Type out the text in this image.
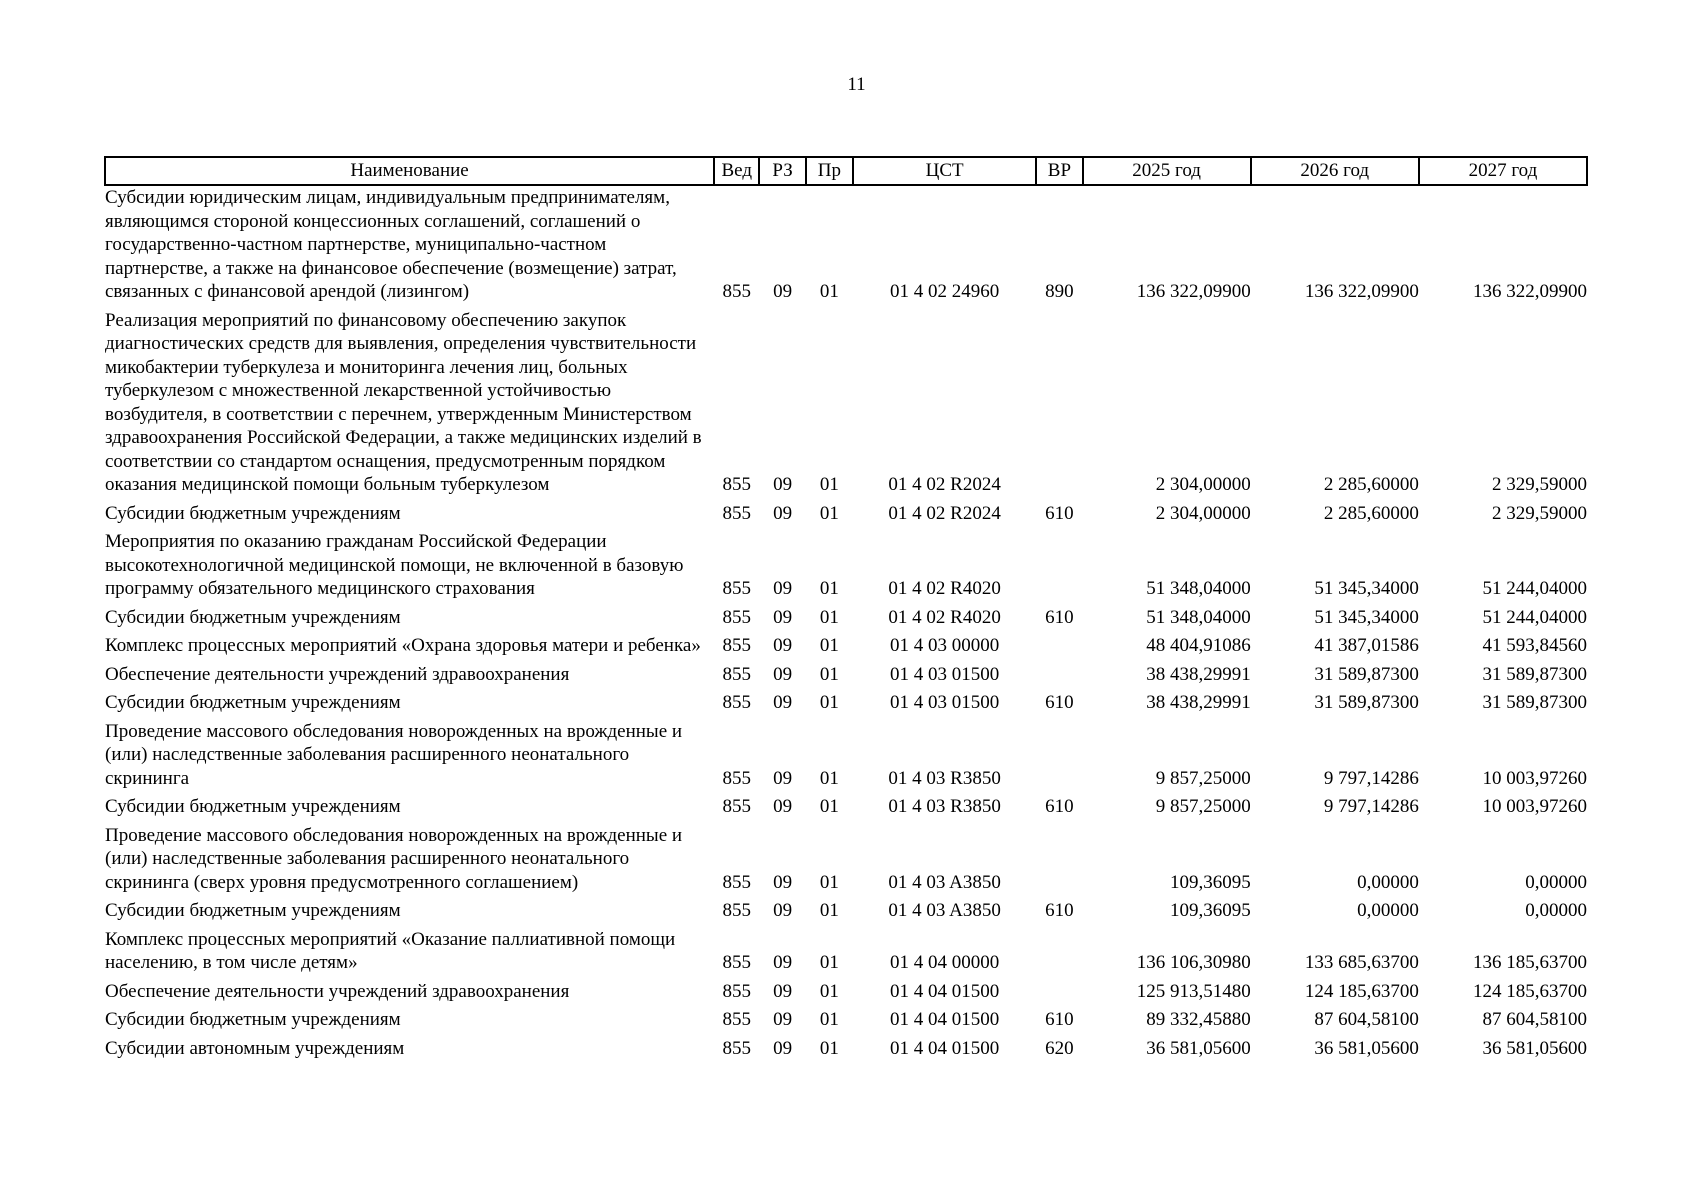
11
Наименование	Вед	РЗ	Пр	ЦСТ	ВР	2025 год	2026 год	2027 год
Субсидии юридическим лицам, индивидуальным предпринимателям, являющимся стороной концессионных соглашений, соглашений о государственно-частном партнерстве, муниципально-частном партнерстве, а также на финансовое обеспечение (возмещение) затрат, связанных с финансовой арендой (лизингом)	855	09	01	01 4 02 24960	890	136 322,09900	136 322,09900	136 322,09900
Реализация мероприятий по финансовому обеспечению закупок диагностических средств для выявления, определения чувствительности микобактерии туберкулеза и мониторинга лечения лиц, больных туберкулезом с множественной лекарственной устойчивостью возбудителя, в соответствии с перечнем, утвержденным Министерством здравоохранения Российской Федерации, а также медицинских изделий в соответствии со стандартом оснащения, предусмотренным порядком оказания медицинской помощи больным туберкулезом	855	09	01	01 4 02 R2024		2 304,00000	2 285,60000	2 329,59000
Субсидии бюджетным учреждениям	855	09	01	01 4 02 R2024	610	2 304,00000	2 285,60000	2 329,59000
Мероприятия по оказанию гражданам Российской Федерации высокотехнологичной медицинской помощи, не включенной в базовую программу обязательного медицинского страхования	855	09	01	01 4 02 R4020		51 348,04000	51 345,34000	51 244,04000
Субсидии бюджетным учреждениям	855	09	01	01 4 02 R4020	610	51 348,04000	51 345,34000	51 244,04000
Комплекс процессных мероприятий «Охрана здоровья матери и ребенка»	855	09	01	01 4 03 00000		48 404,91086	41 387,01586	41 593,84560
Обеспечение деятельности учреждений здравоохранения	855	09	01	01 4 03 01500		38 438,29991	31 589,87300	31 589,87300
Субсидии бюджетным учреждениям	855	09	01	01 4 03 01500	610	38 438,29991	31 589,87300	31 589,87300
Проведение массового обследования новорожденных на врожденные и (или) наследственные заболевания расширенного неонатального скрининга	855	09	01	01 4 03 R3850		9 857,25000	9 797,14286	10 003,97260
Субсидии бюджетным учреждениям	855	09	01	01 4 03 R3850	610	9 857,25000	9 797,14286	10 003,97260
Проведение массового обследования новорожденных на врожденные и (или) наследственные заболевания расширенного неонатального скрининга (сверх уровня предусмотренного соглашением)	855	09	01	01 4 03 A3850		109,36095	0,00000	0,00000
Субсидии бюджетным учреждениям	855	09	01	01 4 03 A3850	610	109,36095	0,00000	0,00000
Комплекс процессных мероприятий «Оказание паллиативной помощи населению, в том числе детям»	855	09	01	01 4 04 00000		136 106,30980	133 685,63700	136 185,63700
Обеспечение деятельности учреждений здравоохранения	855	09	01	01 4 04 01500		125 913,51480	124 185,63700	124 185,63700
Субсидии бюджетным учреждениям	855	09	01	01 4 04 01500	610	89 332,45880	87 604,58100	87 604,58100
Субсидии автономным учреждениям	855	09	01	01 4 04 01500	620	36 581,05600	36 581,05600	36 581,05600
